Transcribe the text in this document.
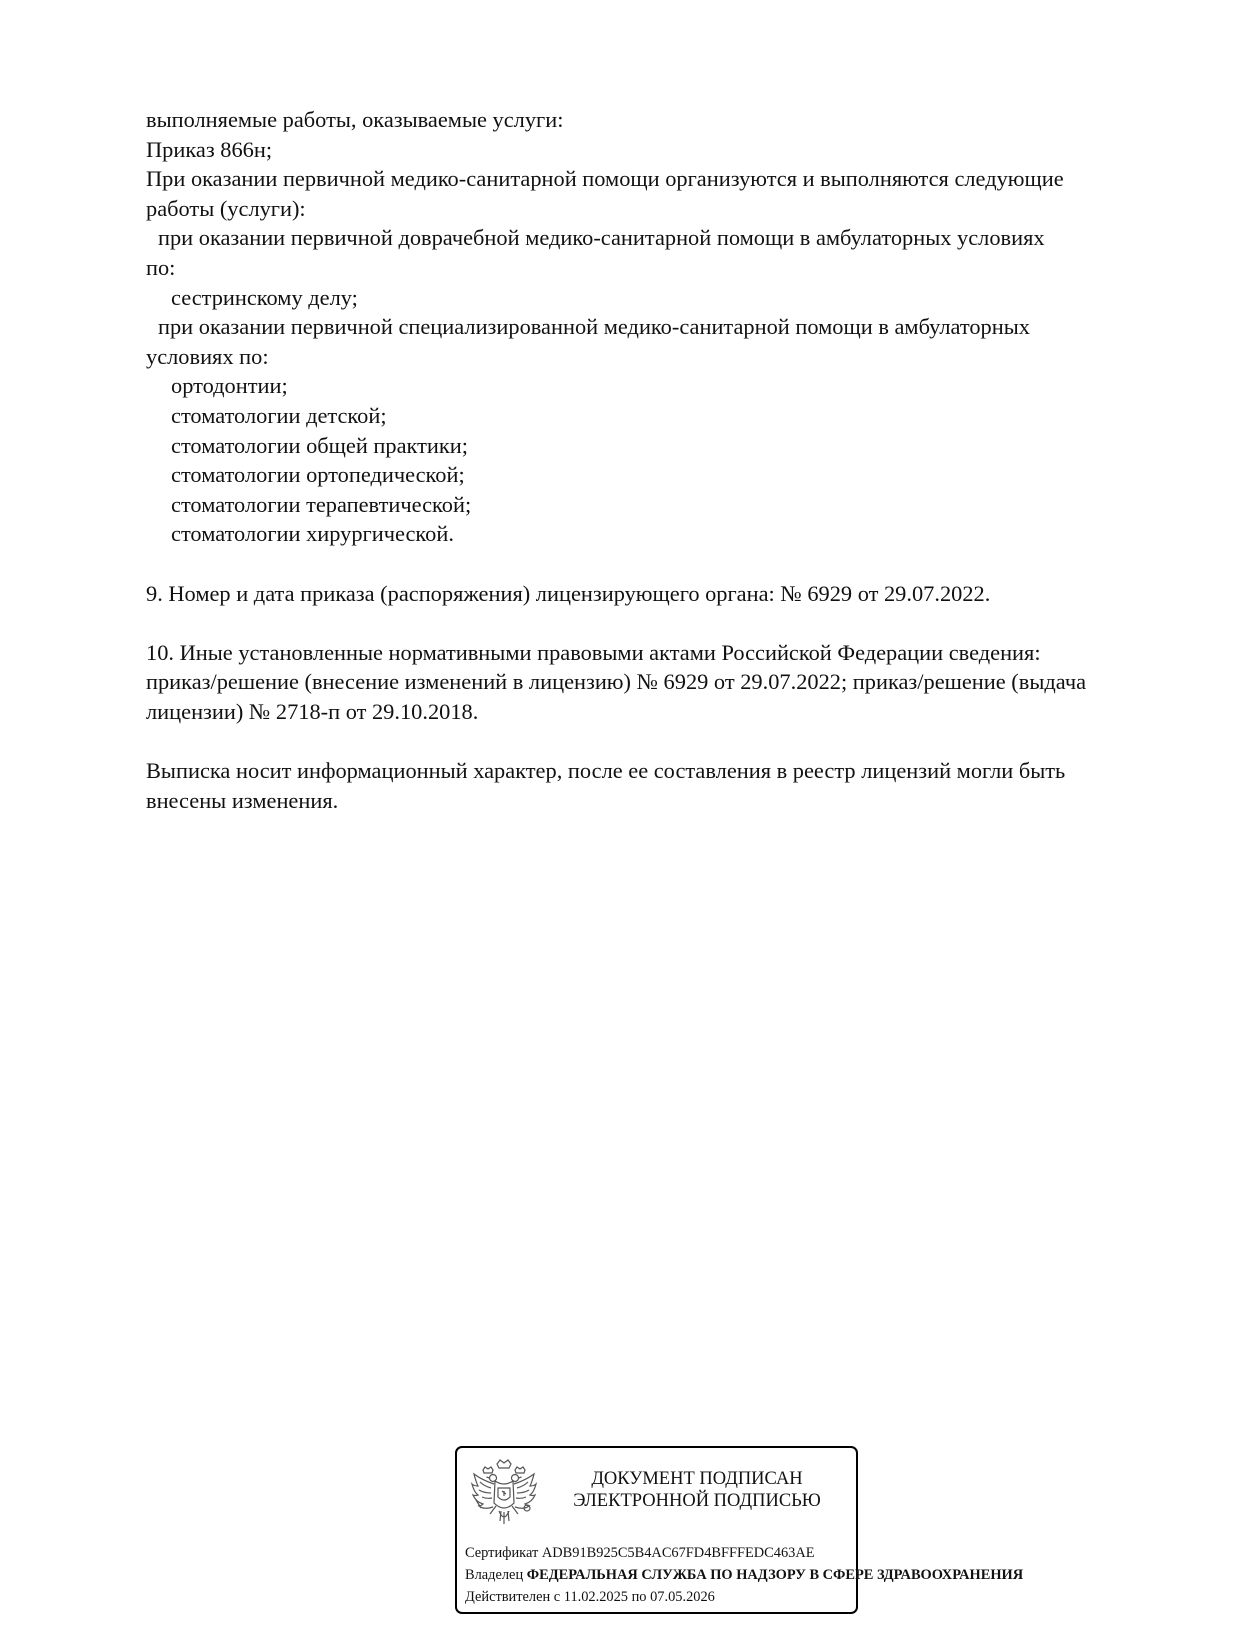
выполняемые работы, оказываемые услуги:
Приказ 866н;
При оказании первичной медико-санитарной помощи организуются и выполняются следующие
работы (услуги):
при оказании первичной доврачебной медико-санитарной помощи в амбулаторных условиях
по:
сестринскому делу;
при оказании первичной специализированной медико-санитарной помощи в амбулаторных
условиях по:
ортодонтии;
стоматологии детской;
стоматологии общей практики;
стоматологии ортопедической;
стоматологии терапевтической;
стоматологии хирургической.
9. Номер и дата приказа (распоряжения) лицензирующего органа: № 6929 от 29.07.2022.
10. Иные установленные нормативными правовыми актами Российской Федерации сведения:
приказ/решение (внесение изменений в лицензию) № 6929 от 29.07.2022; приказ/решение (выдача
лицензии) № 2718-п от 29.10.2018.
Выписка носит информационный характер, после ее составления в реестр лицензий могли быть
внесены изменения.
ДОКУМЕНТ ПОДПИСАН
ЭЛЕКТРОННОЙ ПОДПИСЬЮ
Сертификат ADB91B925C5B4AC67FD4BFFFEDC463AE
Владелец ФЕДЕРАЛЬНАЯ СЛУЖБА ПО НАДЗОРУ В СФЕРЕ ЗДРАВООХРАНЕНИЯ
Действителен с 11.02.2025 по 07.05.2026
